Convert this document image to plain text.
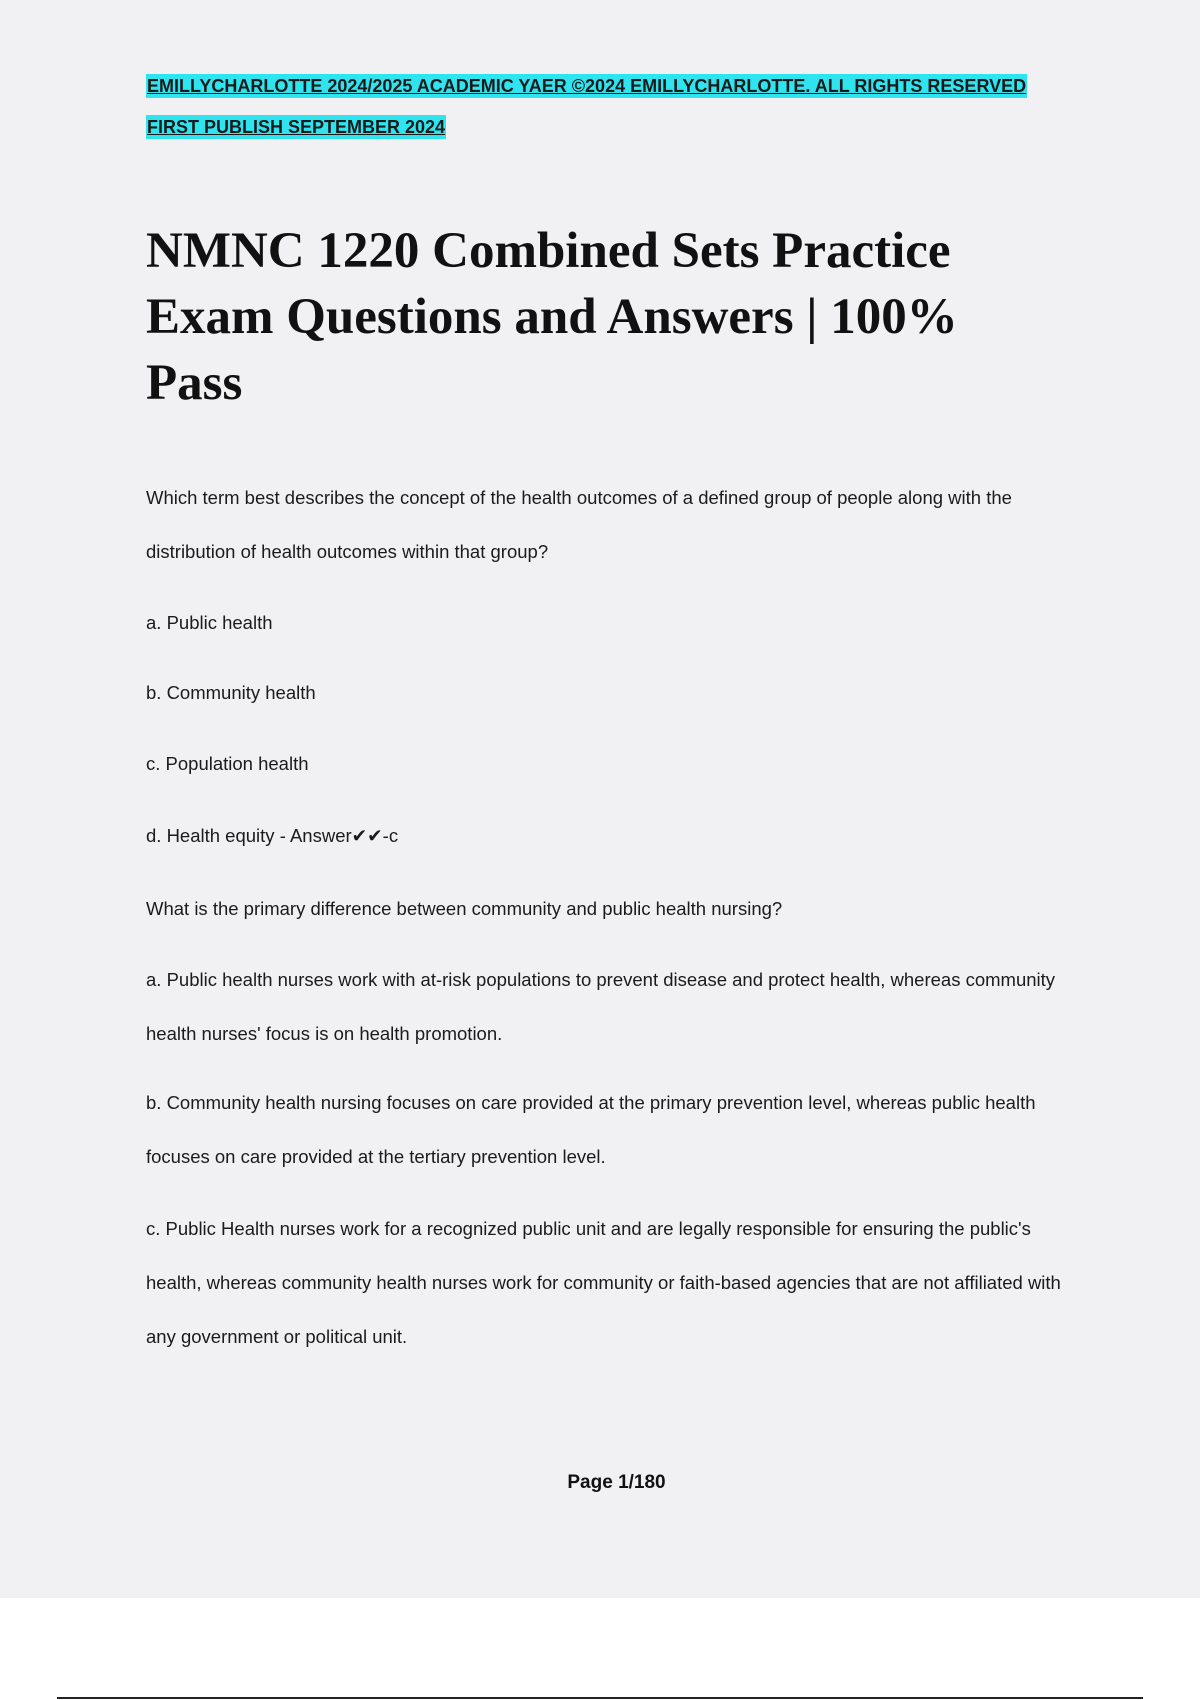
EMILLYCHARLOTTE 2024/2025 ACADEMIC YAER ©2024 EMILLYCHARLOTTE. ALL RIGHTS RESERVED
FIRST PUBLISH SEPTEMBER 2024
NMNC 1220 Combined Sets Practice Exam Questions and Answers | 100% Pass
Which term best describes the concept of the health outcomes of a defined group of people along with the distribution of health outcomes within that group?
a. Public health
b. Community health
c. Population health
d. Health equity - Answer✔✔-c
What is the primary difference between community and public health nursing?
a. Public health nurses work with at-risk populations to prevent disease and protect health, whereas community health nurses' focus is on health promotion.
b. Community health nursing focuses on care provided at the primary prevention level, whereas public health focuses on care provided at the tertiary prevention level.
c. Public Health nurses work for a recognized public unit and are legally responsible for ensuring the public's health, whereas community health nurses work for community or faith-based agencies that are not affiliated with any government or political unit.
Page 1/180
